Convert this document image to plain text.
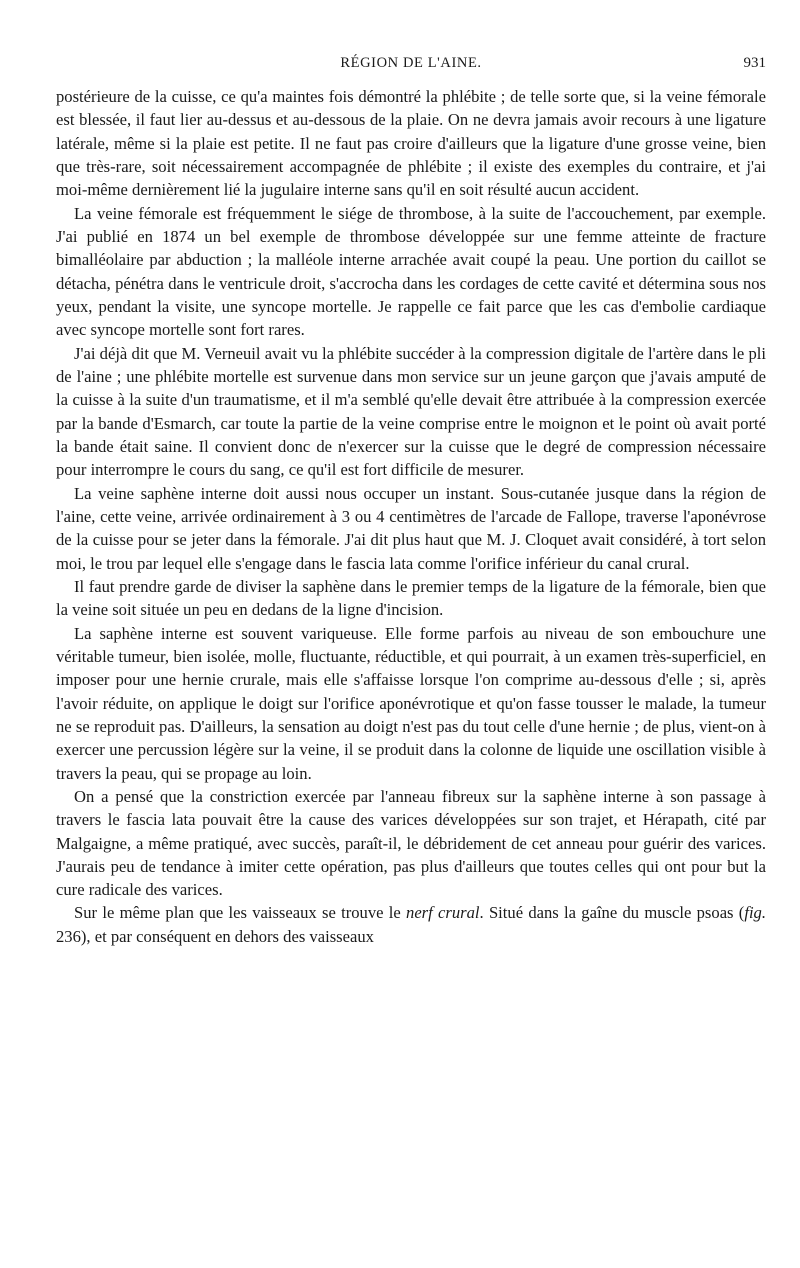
RÉGION DE L'AINE.	931

postérieure de la cuisse, ce qu'a maintes fois démontré la phlébite ; de telle sorte que, si la veine fémorale est blessée, il faut lier au-dessus et au-dessous de la plaie. On ne devra jamais avoir recours à une ligature latérale, même si la plaie est petite. Il ne faut pas croire d'ailleurs que la ligature d'une grosse veine, bien que très-rare, soit nécessairement accompagnée de phlébite ; il existe des exemples du contraire, et j'ai moi-même dernièrement lié la jugulaire interne sans qu'il en soit résulté aucun accident.

La veine fémorale est fréquemment le siége de thrombose, à la suite de l'accouchement, par exemple. J'ai publié en 1874 un bel exemple de thrombose développée sur une femme atteinte de fracture bimalléolaire par abduction ; la malléole interne arrachée avait coupé la peau. Une portion du caillot se détacha, pénétra dans le ventricule droit, s'accrocha dans les cordages de cette cavité et détermina sous nos yeux, pendant la visite, une syncope mortelle. Je rappelle ce fait parce que les cas d'embolie cardiaque avec syncope mortelle sont fort rares.

J'ai déjà dit que M. Verneuil avait vu la phlébite succéder à la compression digitale de l'artère dans le pli de l'aine ; une phlébite mortelle est survenue dans mon service sur un jeune garçon que j'avais amputé de la cuisse à la suite d'un traumatisme, et il m'a semblé qu'elle devait être attribuée à la compression exercée par la bande d'Esmarch, car toute la partie de la veine comprise entre le moignon et le point où avait porté la bande était saine. Il convient donc de n'exercer sur la cuisse que le degré de compression nécessaire pour interrompre le cours du sang, ce qu'il est fort difficile de mesurer.

La veine saphène interne doit aussi nous occuper un instant. Sous-cutanée jusque dans la région de l'aine, cette veine, arrivée ordinairement à 3 ou 4 centimètres de l'arcade de Fallope, traverse l'aponévrose de la cuisse pour se jeter dans la fémorale. J'ai dit plus haut que M. J. Cloquet avait considéré, à tort selon moi, le trou par lequel elle s'engage dans le fascia lata comme l'orifice inférieur du canal crural.

Il faut prendre garde de diviser la saphène dans le premier temps de la ligature de la fémorale, bien que la veine soit située un peu en dedans de la ligne d'incision.

La saphène interne est souvent variqueuse. Elle forme parfois au niveau de son embouchure une véritable tumeur, bien isolée, molle, fluctuante, réductible, et qui pourrait, à un examen très-superficiel, en imposer pour une hernie crurale, mais elle s'affaisse lorsque l'on comprime au-dessous d'elle ; si, après l'avoir réduite, on applique le doigt sur l'orifice aponévrotique et qu'on fasse tousser le malade, la tumeur ne se reproduit pas. D'ailleurs, la sensation au doigt n'est pas du tout celle d'une hernie ; de plus, vient-on à exercer une percussion légère sur la veine, il se produit dans la colonne de liquide une oscillation visible à travers la peau, qui se propage au loin.

On a pensé que la constriction exercée par l'anneau fibreux sur la saphène interne à son passage à travers le fascia lata pouvait être la cause des varices développées sur son trajet, et Hérapath, cité par Malgaigne, a même pratiqué, avec succès, paraît-il, le débridement de cet anneau pour guérir des varices. J'aurais peu de tendance à imiter cette opération, pas plus d'ailleurs que toutes celles qui ont pour but la cure radicale des varices.

Sur le même plan que les vaisseaux se trouve le nerf crural. Situé dans la gaîne du muscle psoas (fig. 236), et par conséquent en dehors des vaisseaux
